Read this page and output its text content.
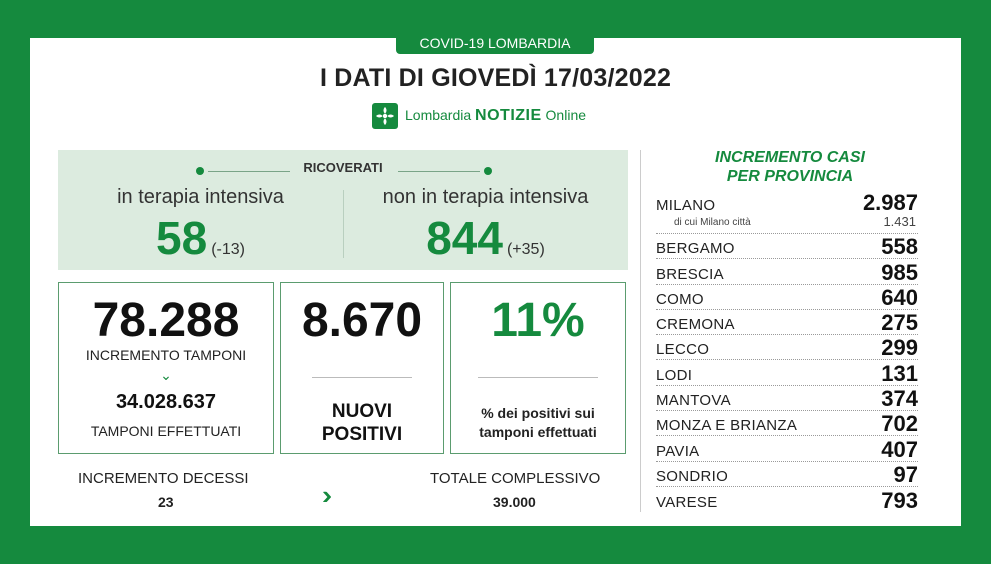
COVID-19 LOMBARDIA
I DATI DI GIOVEDÌ 17/03/2022
Lombardia NOTIZIE Online
RICOVERATI
in terapia intensiva
58 (-13)
non in terapia intensiva
844 (+35)
78.288
INCREMENTO TAMPONI
⌄
34.028.637
TAMPONI EFFETTUATI
8.670
NUOVI
POSITIVI
11%
% dei positivi sui
tamponi effettuati
INCREMENTO DECESSI
23	›››
TOTALE COMPLESSIVO
39.000
INCREMENTO CASI
PER PROVINCIA
MILANO	2.987
di cui Milano città	1.431
BERGAMO	558
BRESCIA	985
COMO	640
CREMONA	275
LECCO	299
LODI	131
MANTOVA	374
MONZA E BRIANZA	702
PAVIA	407
SONDRIO	97
VARESE	793
